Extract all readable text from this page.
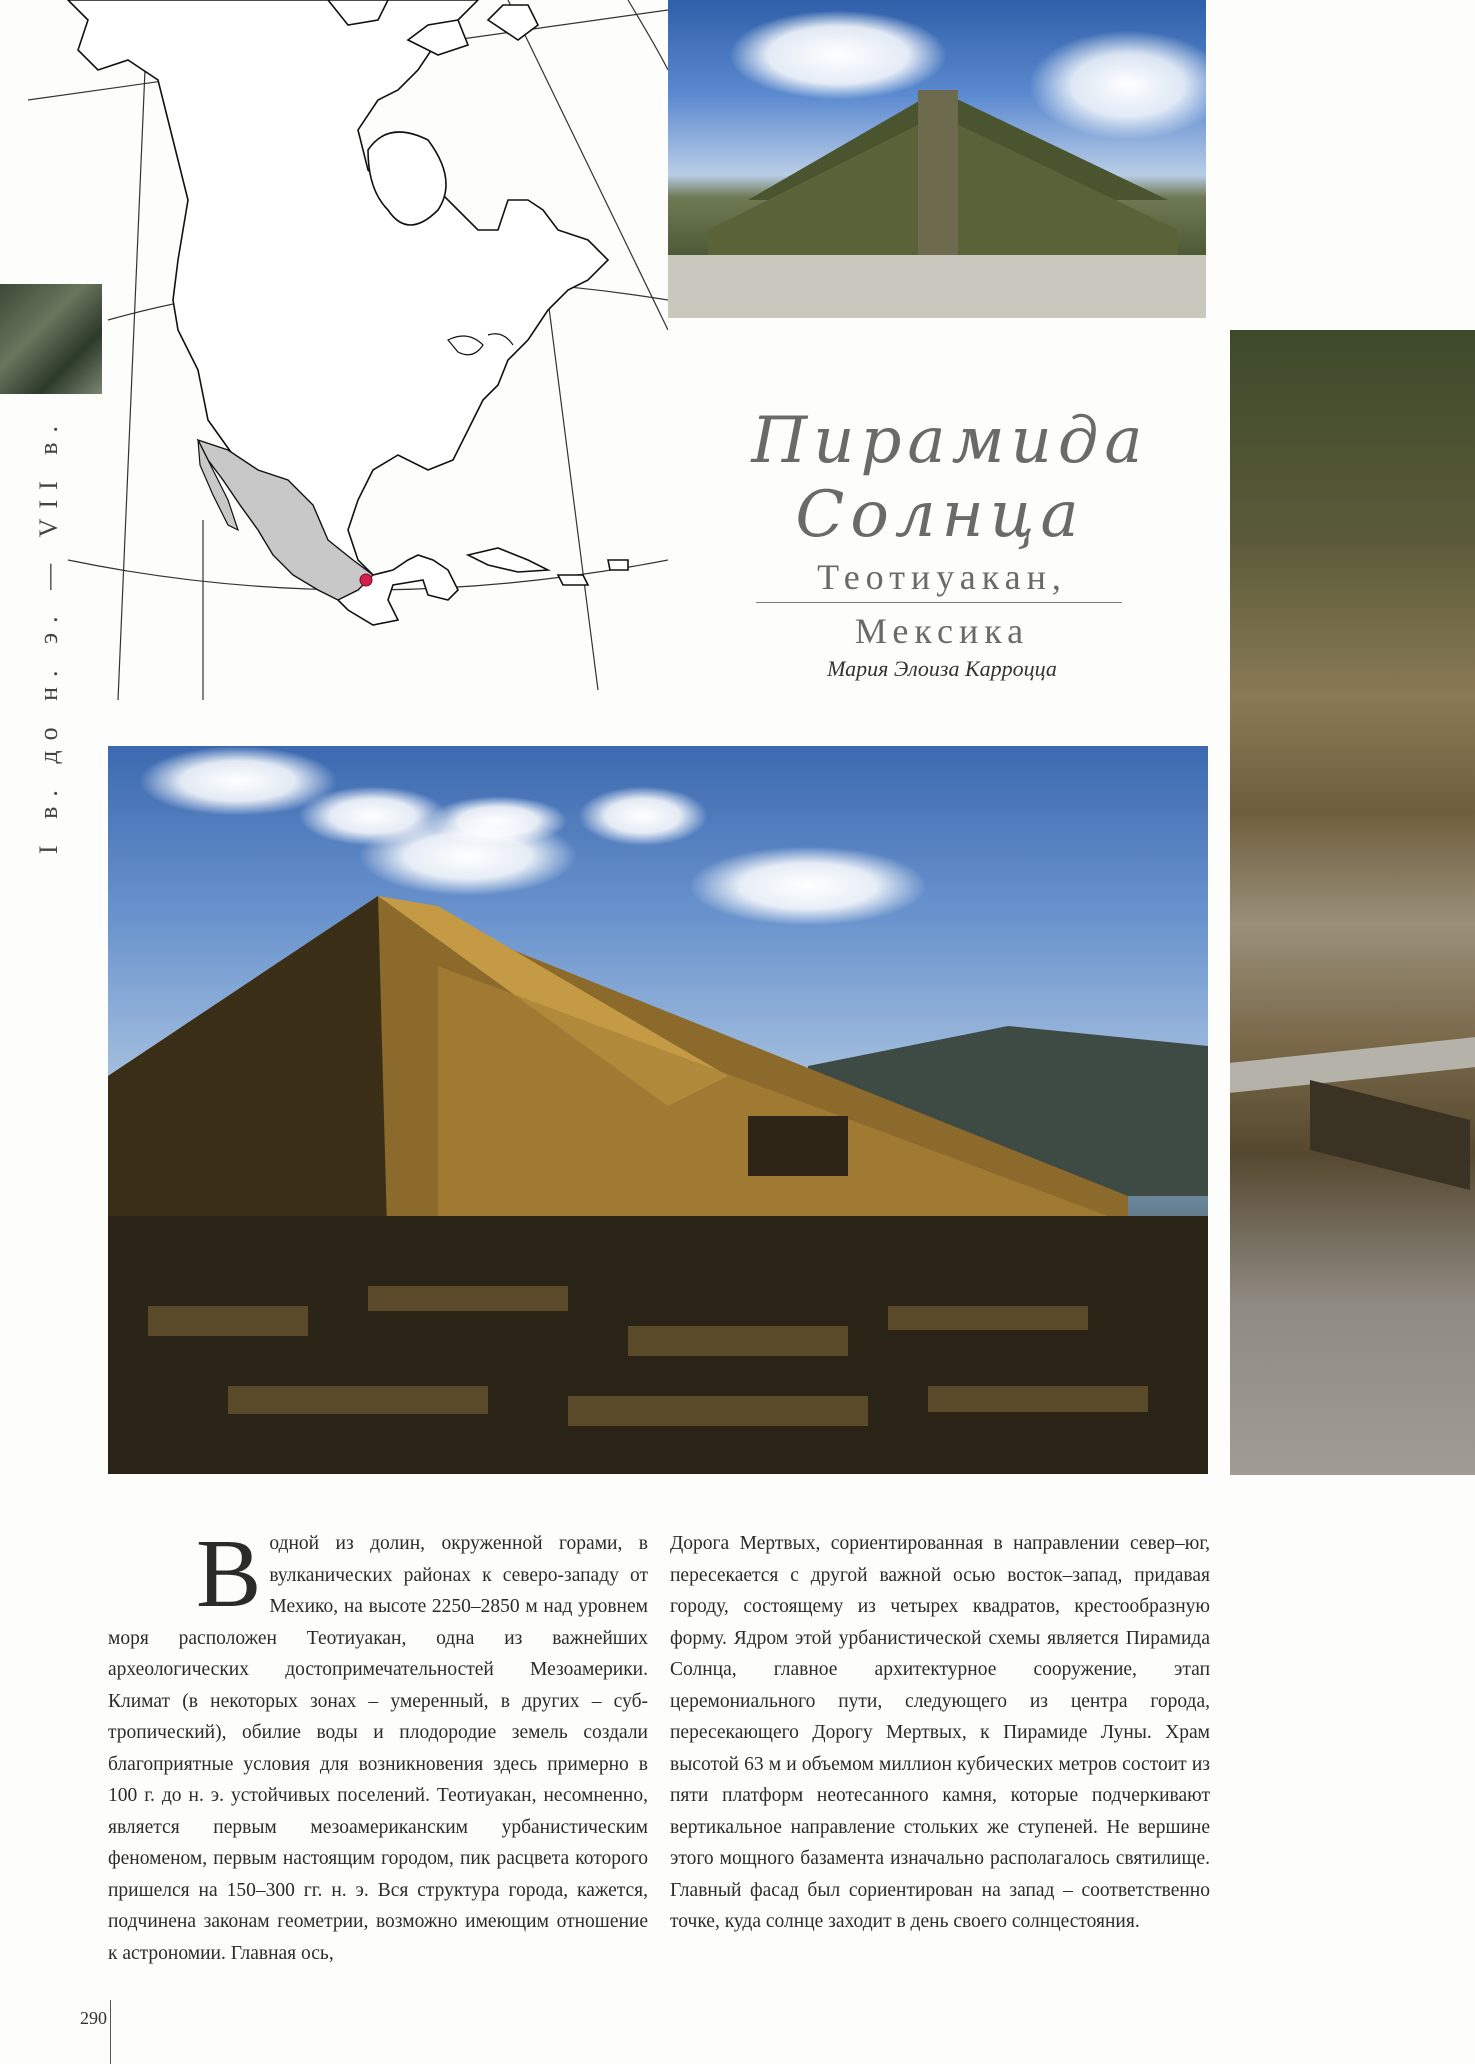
I в. до н. э. — VII в.	Пирамида
Солнца
Теотиуакан,
Мексика
Мария Элоиза Карроцца

В одной из долин, окруженной горами, в вулканических районах к северо-западу от Мехико, на высоте 2250–2850 м над уровнем моря расположен Теотиуакан, одна из важнейших археологических достопримечательностей Мезоамерики. Климат (в некоторых зонах – умеренный, в других – субтропический), обилие воды и плодородие земель создали благоприятные условия для возникновения здесь примерно в 100 г. до н. э. устойчивых поселений. Теотиуакан, несомненно, является первым мезоамериканским урбанистическим феноменом, первым настоящим городом, пик расцвета которого пришелся на 150–300 гг. н. э. Вся структура города, кажется, подчинена законам геометрии, возможно имеющим отношение к астрономии. Главная ось,

Дорога Мертвых, сориентированная в направлении север–юг, пересекается с другой важной осью восток–запад, придавая городу, состоящему из четырех квадратов, крестообразную форму. Ядром этой урбанистической схемы является Пирамида Солнца, главное архитектурное сооружение, этап церемониального пути, следующего из центра города, пересекающего Дорогу Мертвых, к Пирамиде Луны. Храм высотой 63 м и объемом миллион кубических метров состоит из пяти платформ неотесанного камня, которые подчеркивают вертикальное направление стольких же ступеней. Не вершине этого мощного базамента изначально располагалось святилище. Главный фасад был сориентирован на запад – соответственно точке, куда солнце заходит в день своего солнцестояния.

290
